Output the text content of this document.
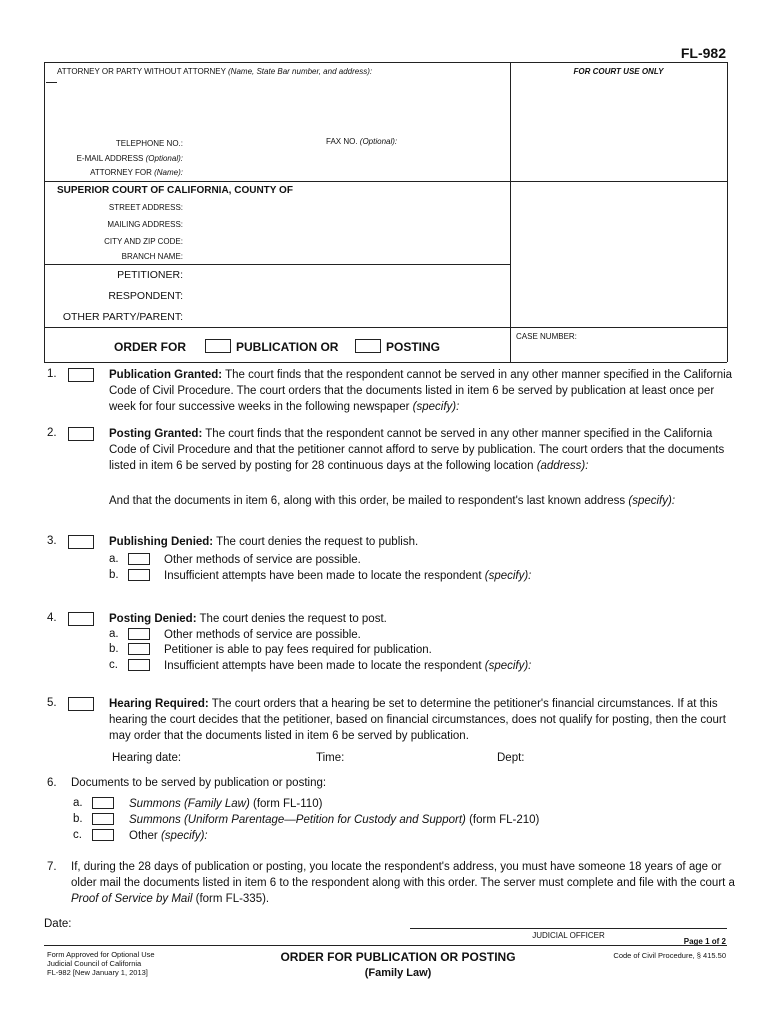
FL-982
ATTORNEY OR PARTY WITHOUT ATTORNEY (Name, State Bar number, and address):	FOR COURT USE ONLY
TELEPHONE NO.:	FAX NO. (Optional):
E-MAIL ADDRESS (Optional):
ATTORNEY FOR (Name):
SUPERIOR COURT OF CALIFORNIA, COUNTY OF
STREET ADDRESS:
MAILING ADDRESS:
CITY AND ZIP CODE:
BRANCH NAME:
PETITIONER:
RESPONDENT:
OTHER PARTY/PARENT:
CASE NUMBER:
ORDER FOR	PUBLICATION OR	POSTING
1.	Publication Granted: The court finds that the respondent cannot be served in any other manner specified in the California
Code of Civil Procedure. The court orders that the documents listed in item 6 be served by publication at least once per
week for four successive weeks in the following newspaper (specify):
2.	Posting Granted: The court finds that the respondent cannot be served in any other manner specified in the California
Code of Civil Procedure and that the petitioner cannot afford to serve by publication. The court orders that the documents
listed in item 6 be served by posting for 28 continuous days at the following location (address):
And that the documents in item 6, along with this order, be mailed to respondent's last known address (specify):
3.	Publishing Denied: The court denies the request to publish.
a.	Other methods of service are possible.
b.	Insufficient attempts have been made to locate the respondent (specify):
4.	Posting Denied: The court denies the request to post.
a.	Other methods of service are possible.
b.	Petitioner is able to pay fees required for publication.
c.	Insufficient attempts have been made to locate the respondent (specify):
5.	Hearing Required: The court orders that a hearing be set to determine the petitioner's financial circumstances. If at this
hearing the court decides that the petitioner, based on financial circumstances, does not qualify for posting, then the court
may order that the documents listed in item 6 be served by publication.
Hearing date:	Time:	Dept:
6. Documents to be served by publication or posting:
a.	Summons (Family Law) (form FL-110)
b.	Summons (Uniform Parentage—Petition for Custody and Support) (form FL-210)
c.	Other (specify):
7. If, during the 28 days of publication or posting, you locate the respondent's address, you must have someone 18 years of age or
older mail the documents listed in item 6 to the respondent along with this order. The server must complete and file with the court a
Proof of Service by Mail (form FL-335).
Date:
JUDICIAL OFFICER
Page 1 of 2
Form Approved for Optional Use
Judicial Council of California
FL-982 [New January 1, 2013]
ORDER FOR PUBLICATION OR POSTING
(Family Law)
Code of Civil Procedure, § 415.50
